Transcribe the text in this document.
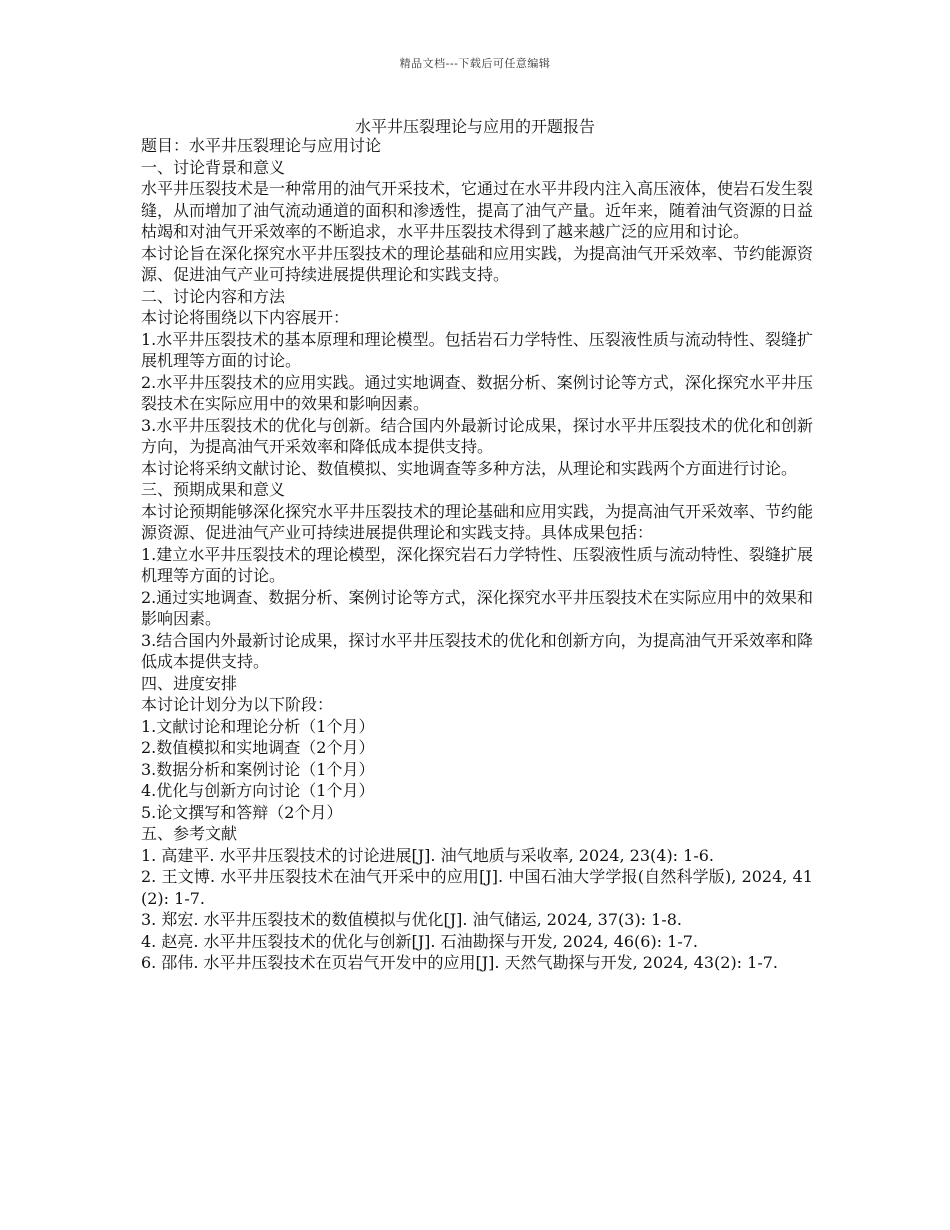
精品文档---下载后可任意编辑
水平井压裂理论与应用的开题报告

题目：水平井压裂理论与应用讨论

一、讨论背景和意义

水平井压裂技术是一种常用的油气开采技术，它通过在水平井段内注入高压液体，使岩石发生裂缝，从而增加了油气流动通道的面积和渗透性，提高了油气产量。近年来，随着油气资源的日益枯竭和对油气开采效率的不断追求，水平井压裂技术得到了越来越广泛的应用和讨论。

本讨论旨在深化探究水平井压裂技术的理论基础和应用实践，为提高油气开采效率、节约能源资源、促进油气产业可持续进展提供理论和实践支持。

二、讨论内容和方法

本讨论将围绕以下内容展开：

1.水平井压裂技术的基本原理和理论模型。包括岩石力学特性、压裂液性质与流动特性、裂缝扩展机理等方面的讨论。

2.水平井压裂技术的应用实践。通过实地调查、数据分析、案例讨论等方式，深化探究水平井压裂技术在实际应用中的效果和影响因素。

3.水平井压裂技术的优化与创新。结合国内外最新讨论成果，探讨水平井压裂技术的优化和创新方向，为提高油气开采效率和降低成本提供支持。

本讨论将采纳文献讨论、数值模拟、实地调查等多种方法，从理论和实践两个方面进行讨论。

三、预期成果和意义

本讨论预期能够深化探究水平井压裂技术的理论基础和应用实践，为提高油气开采效率、节约能源资源、促进油气产业可持续进展提供理论和实践支持。具体成果包括：

1.建立水平井压裂技术的理论模型，深化探究岩石力学特性、压裂液性质与流动特性、裂缝扩展机理等方面的讨论。

2.通过实地调查、数据分析、案例讨论等方式，深化探究水平井压裂技术在实际应用中的效果和影响因素。

3.结合国内外最新讨论成果，探讨水平井压裂技术的优化和创新方向，为提高油气开采效率和降低成本提供支持。

四、进度安排

本讨论计划分为以下阶段：

1.文献讨论和理论分析（1个月）

2.数值模拟和实地调查（2个月）

3.数据分析和案例讨论（1个月）

4.优化与创新方向讨论（1个月）

5.论文撰写和答辩（2个月）

五、参考文献

1. 高建平. 水平井压裂技术的讨论进展[J]. 油气地质与采收率, 2024, 23(4): 1-6.

2. 王文博. 水平井压裂技术在油气开采中的应用[J]. 中国石油大学学报(自然科学版), 2024, 41(2): 1-7.

3. 郑宏. 水平井压裂技术的数值模拟与优化[J]. 油气储运, 2024, 37(3): 1-8.

4. 赵亮. 水平井压裂技术的优化与创新[J]. 石油勘探与开发, 2024, 46(6): 1-7.

6. 邵伟. 水平井压裂技术在页岩气开发中的应用[J]. 天然气勘探与开发, 2024, 43(2): 1-7.
